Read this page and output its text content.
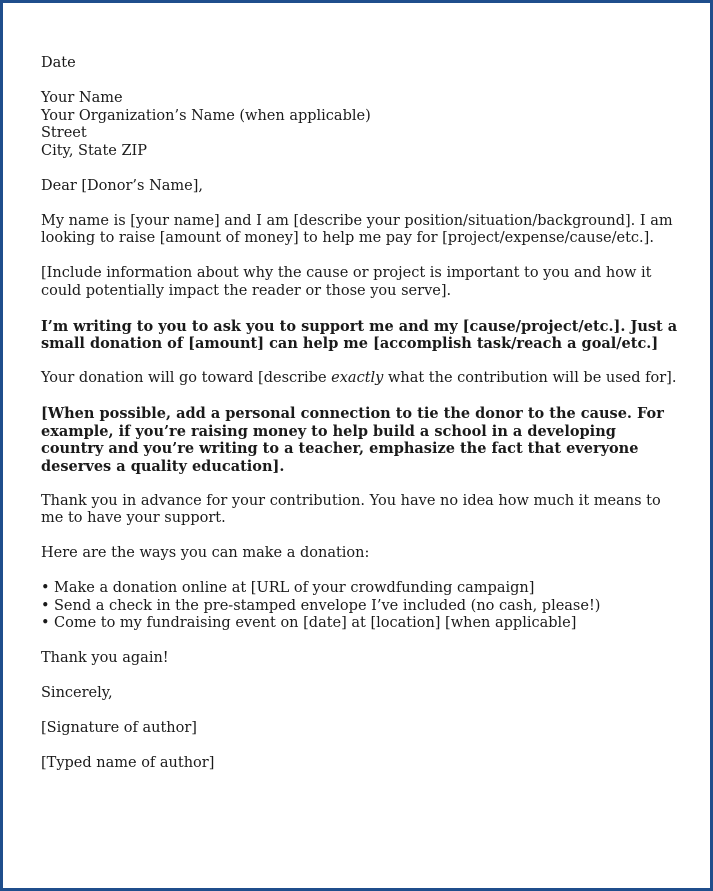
Date

Your Name

Your Organization’s Name (when applicable)

Street

City, State ZIP

Dear [Donor’s Name],

My name is [your name] and I am [describe your position/situation/background]. I am looking to raise [amount of money] to help me pay for [project/expense/cause/etc.].

[Include information about why the cause or project is important to you and how it could potentially impact the reader or those you serve].

I’m writing to you to ask you to support me and my [cause/project/etc.]. Just a small donation of [amount] can help me [accomplish task/reach a goal/etc.]

Your donation will go toward [describe exactly what the contribution will be used for].

[When possible, add a personal connection to tie the donor to the cause. For example, if you’re raising money to help build a school in a developing country and you’re writing to a teacher, emphasize the fact that everyone deserves a quality education].

Thank you in advance for your contribution. You have no idea how much it means to me to have your support.

Here are the ways you can make a donation:

• Make a donation online at [URL of your crowdfunding campaign]
• Send a check in the pre-stamped envelope I’ve included (no cash, please!)
• Come to my fundraising event on [date] at [location] [when applicable]

Thank you again!

Sincerely,

[Signature of author]

[Typed name of author]
